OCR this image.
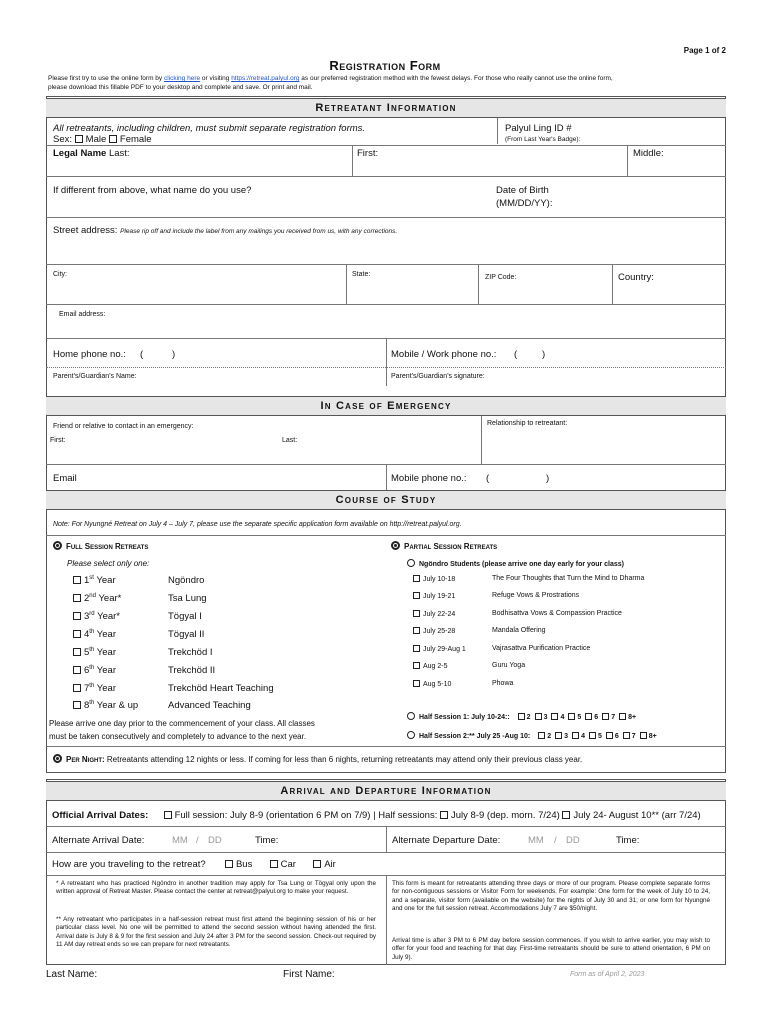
Page 1 of 2
Registration Form
Please first try to use the online form by clicking here or visiting https://retreat.palyul.org as our preferred registration method with the fewest delays. For those who really cannot use the online form,
please download this fillable PDF to your desktop and complete and save. Or print and mail.
Retreatant Information
All retreatants, including children, must submit separate registration forms.
Sex: Male Female
Palyul Ling ID #
(From Last Year's Badge):
Legal Name Last:	First:	Middle:
If different from above, what name do you use?	Date of Birth
(MM/DD/YY):
Street address: Please rip off and include the label from any mailings you received from us, with any corrections.
City:	State:	ZIP Code:	Country:
Email address:
Home phone no.: (	)	Mobile / Work phone no.: (	)
Parent's/Guardian's Name:	Parent's/Guardian's signature:
In Case of Emergency
Friend or relative to contact in an emergency:	Relationship to retreatant:
First:	Last:
Email	Mobile phone no.: (	)
Course of Study
Note: For Nyungné Retreat on July 4 – July 7, please use the separate specific application form available on http://retreat.palyul.org.
Full Session Retreats
Please select only one:
1st Year	Ngöndro
2nd Year*	Tsa Lung
3rd Year*	Tögyal I
4th Year	Tögyal II
5th Year	Trekchöd I
6th Year	Trekchöd II
7th Year	Trekchöd Heart Teaching
8th Year & up	Advanced Teaching
Please arrive one day prior to the commencement of your class. All classes
must be taken consecutively and completely to advance to the next year.
Partial Session Retreats
Ngöndro Students (please arrive one day early for your class)
July 10-18	The Four Thoughts that Turn the Mind to Dharma
July 19-21	Refuge Vows & Prostrations
July 22-24	Bodhisattva Vows & Compassion Practice
July 25-28	Mandala Offering
July 29-Aug 1	Vajrasattva Purification Practice
Aug 2-5	Guru Yoga
Aug 5-10	Phowa
Half Session 1: July 10-24:: 2 3 4 5 6 7 8+
Half Session 2:** July 25 -Aug 10: 2 3 4 5 6 7 8+
Per Night: Retreatants attending 12 nights or less. If coming for less than 6 nights, returning retreatants may attend only their previous class year.
Arrival and Departure Information
Official Arrival Dates:	Full session: July 8-9 (orientation 6 PM on 7/9) | Half sessions: July 8-9 (dep. morn. 7/24) July 24- August 10** (arr 7/24)
Alternate Arrival Date:	MM / DD	Time:	Alternate Departure Date:	MM / DD	Time:
How are you traveling to the retreat?	Bus	Car	Air
* A retreatant who has practiced Ngöndro in another tradition may apply for Tsa Lung or Tögyal only upon the written approval of Retreat Master. Please contact the center at retreat@palyul.org to make your request.
** Any retreatant who participates in a half-session retreat must first attend the beginning session of his or her particular class level. No one will be permitted to attend the second session without having attended the first. Arrival date is July 8 & 9 for the first session and July 24 after 3 PM for the second session. Check-out required by 11 AM day retreat ends so we can prepare for next retreatants.
This form is meant for retreatants attending three days or more of our program. Please complete separate forms for non-contiguous sessions or Visitor Form for weekends. For example: One form for the week of July 10 to 24, and a separate, visitor form (available on the website) for the nights of July 30 and 31; or one form for Nyungné and one for the full session retreat. Accommodations July 7 are $50/night.
Arrival time is after 3 PM to 6 PM day before session commences. If you wish to arrive earlier, you may wish to offer for your food and teaching for that day. First-time retreatants should be sure to attend orientation, 6 PM on July 9).
Last Name:	First Name:	Form as of April 2, 2023
